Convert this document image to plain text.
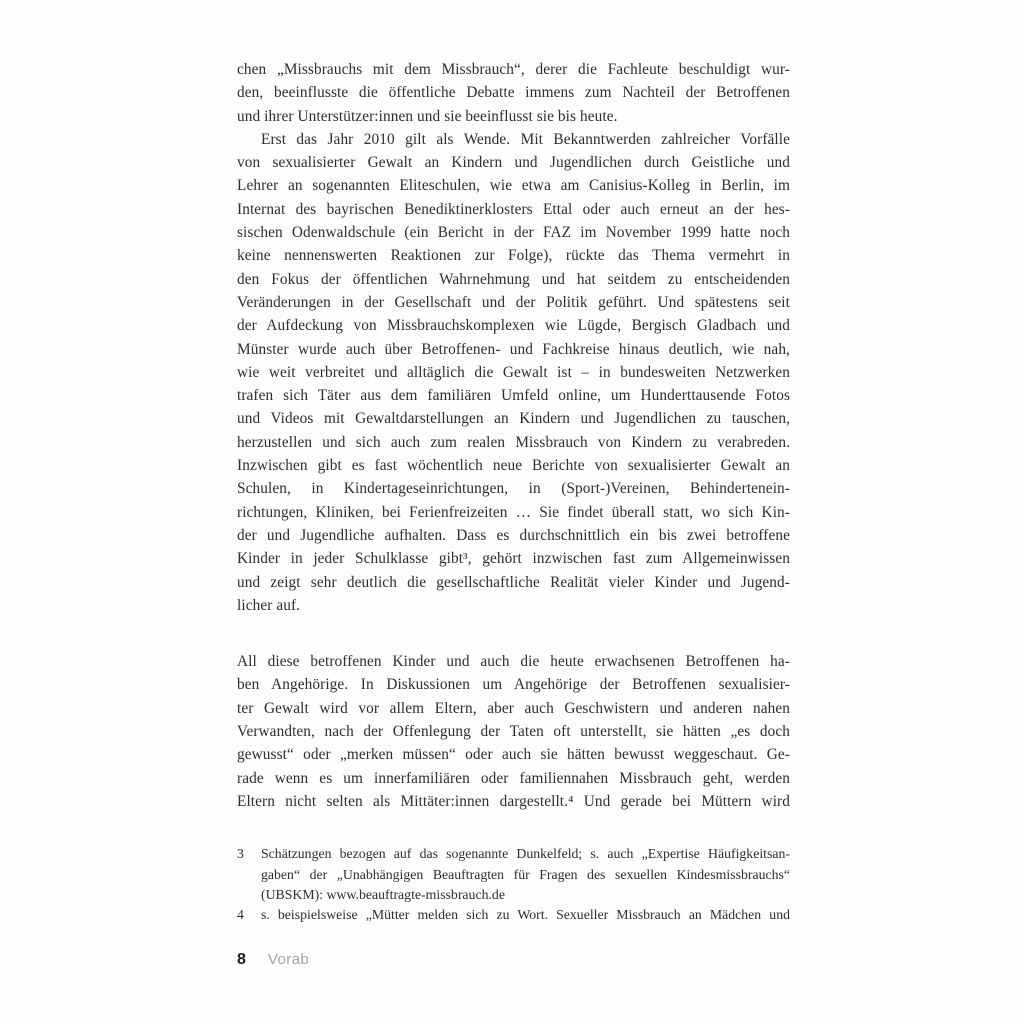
chen „Missbrauchs mit dem Missbrauch“, derer die Fachleute beschuldigt wur-
den, beeinflusste die öffentliche Debatte immens zum Nachteil der Betroffenen
und ihrer Unterstützer:innen und sie beeinflusst sie bis heute.
Erst das Jahr 2010 gilt als Wende. Mit Bekanntwerden zahlreicher Vorfälle
von sexualisierter Gewalt an Kindern und Jugendlichen durch Geistliche und
Lehrer an sogenannten Eliteschulen, wie etwa am Canisius-Kolleg in Berlin, im
Internat des bayrischen Benediktinerklosters Ettal oder auch erneut an der hes-
sischen Odenwaldschule (ein Bericht in der FAZ im November 1999 hatte noch
keine nennenswerten Reaktionen zur Folge), rückte das Thema vermehrt in
den Fokus der öffentlichen Wahrnehmung und hat seitdem zu entscheidenden
Veränderungen in der Gesellschaft und der Politik geführt. Und spätestens seit
der Aufdeckung von Missbrauchskomplexen wie Lügde, Bergisch Gladbach und
Münster wurde auch über Betroffenen- und Fachkreise hinaus deutlich, wie nah,
wie weit verbreitet und alltäglich die Gewalt ist – in bundesweiten Netzwerken
trafen sich Täter aus dem familiären Umfeld online, um Hunderttausende Fotos
und Videos mit Gewaltdarstellungen an Kindern und Jugendlichen zu tauschen,
herzustellen und sich auch zum realen Missbrauch von Kindern zu verabreden.
Inzwischen gibt es fast wöchentlich neue Berichte von sexualisierter Gewalt an
Schulen, in Kindertageseinrichtungen, in (Sport-)Vereinen, Behindertenein-
richtungen, Kliniken, bei Ferienfreizeiten … Sie findet überall statt, wo sich Kin-
der und Jugendliche aufhalten. Dass es durchschnittlich ein bis zwei betroffene
Kinder in jeder Schulklasse gibt³, gehört inzwischen fast zum Allgemeinwissen
und zeigt sehr deutlich die gesellschaftliche Realität vieler Kinder und Jugend-
licher auf.
All diese betroffenen Kinder und auch die heute erwachsenen Betroffenen ha-
ben Angehörige. In Diskussionen um Angehörige der Betroffenen sexualisier-
ter Gewalt wird vor allem Eltern, aber auch Geschwistern und anderen nahen
Verwandten, nach der Offenlegung der Taten oft unterstellt, sie hätten „es doch
gewusst“ oder „merken müssen“ oder auch sie hätten bewusst weggeschaut. Ge-
rade wenn es um innerfamiliären oder familiennahen Missbrauch geht, werden
Eltern nicht selten als Mittäter:innen dargestellt.⁴ Und gerade bei Müttern wird
3	Schätzungen bezogen auf das sogenannte Dunkelfeld; s. auch „Expertise Häufigkeitsan-
gaben“ der „Unabhängigen Beauftragten für Fragen des sexuellen Kindesmissbrauchs“
(UBSKM): www.beauftragte-missbrauch.de
4	s. beispielsweise „Mütter melden sich zu Wort. Sexueller Missbrauch an Mädchen und
8 Vorab
